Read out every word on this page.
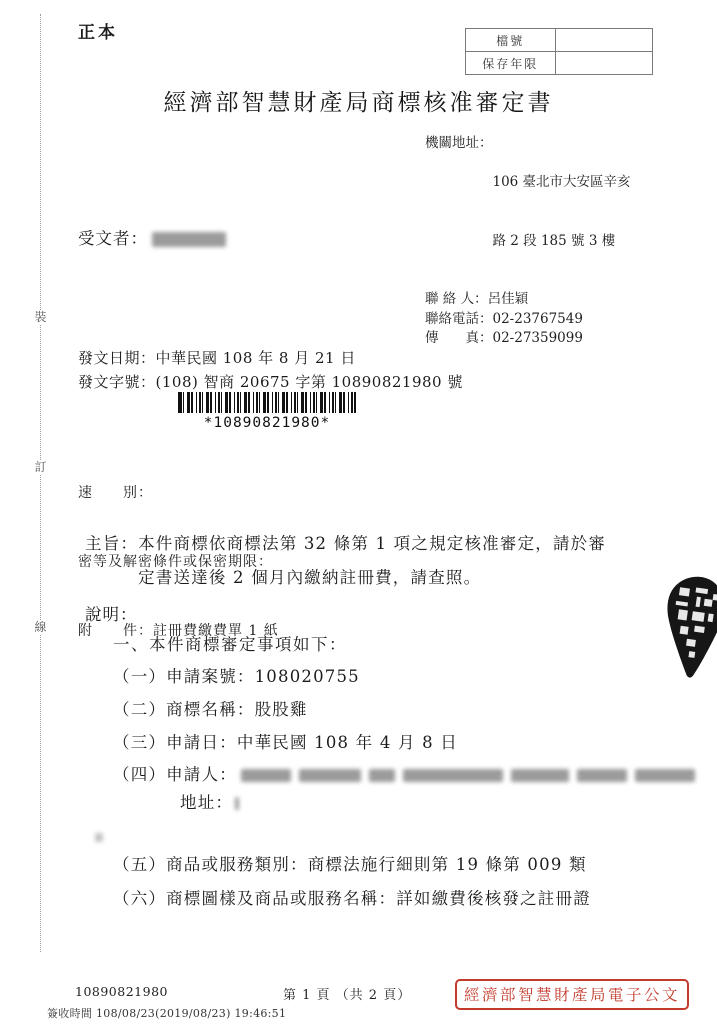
裝
訂
線
正本	檔號	
保存年限	
經濟部智慧財產局商標核准審定書
機關地址：

106 臺北市大安區辛亥

路 2 段 185 號 3 樓

聯 絡 人： 呂佳穎
聯絡電話： 02-23767549
傳　　真： 02-27359099
受文者：
發文日期：中華民國 108 年 8 月 21 日
發文字號：(108) 智商 20675 字第 10890821980 號
*10890821980*

速　　別：

密等及解密條件或保密期限：

附　　件：註冊費繳費單 1 紙

主旨： 本件商標依商標法第 32 條第 1 項之規定核准審定，請於審
定書送達後 2 個月內繳納註冊費，請查照。
說明：
一、本件商標審定事項如下：
（一）申請案號：108020755
（二）商標名稱：股股雞
（三）申請日：中華民國 108 年 4 月 8 日
（四）申請人：
地址：
（五）商品或服務類別：商標法施行細則第 19 條第 009 類
（六）商標圖樣及商品或服務名稱：詳如繳費後核發之註冊證
10890821980	第 1 頁 （共 2 頁）	經濟部智慧財產局電子公文
簽收時間 108/08/23(2019/08/23) 19:46:51
